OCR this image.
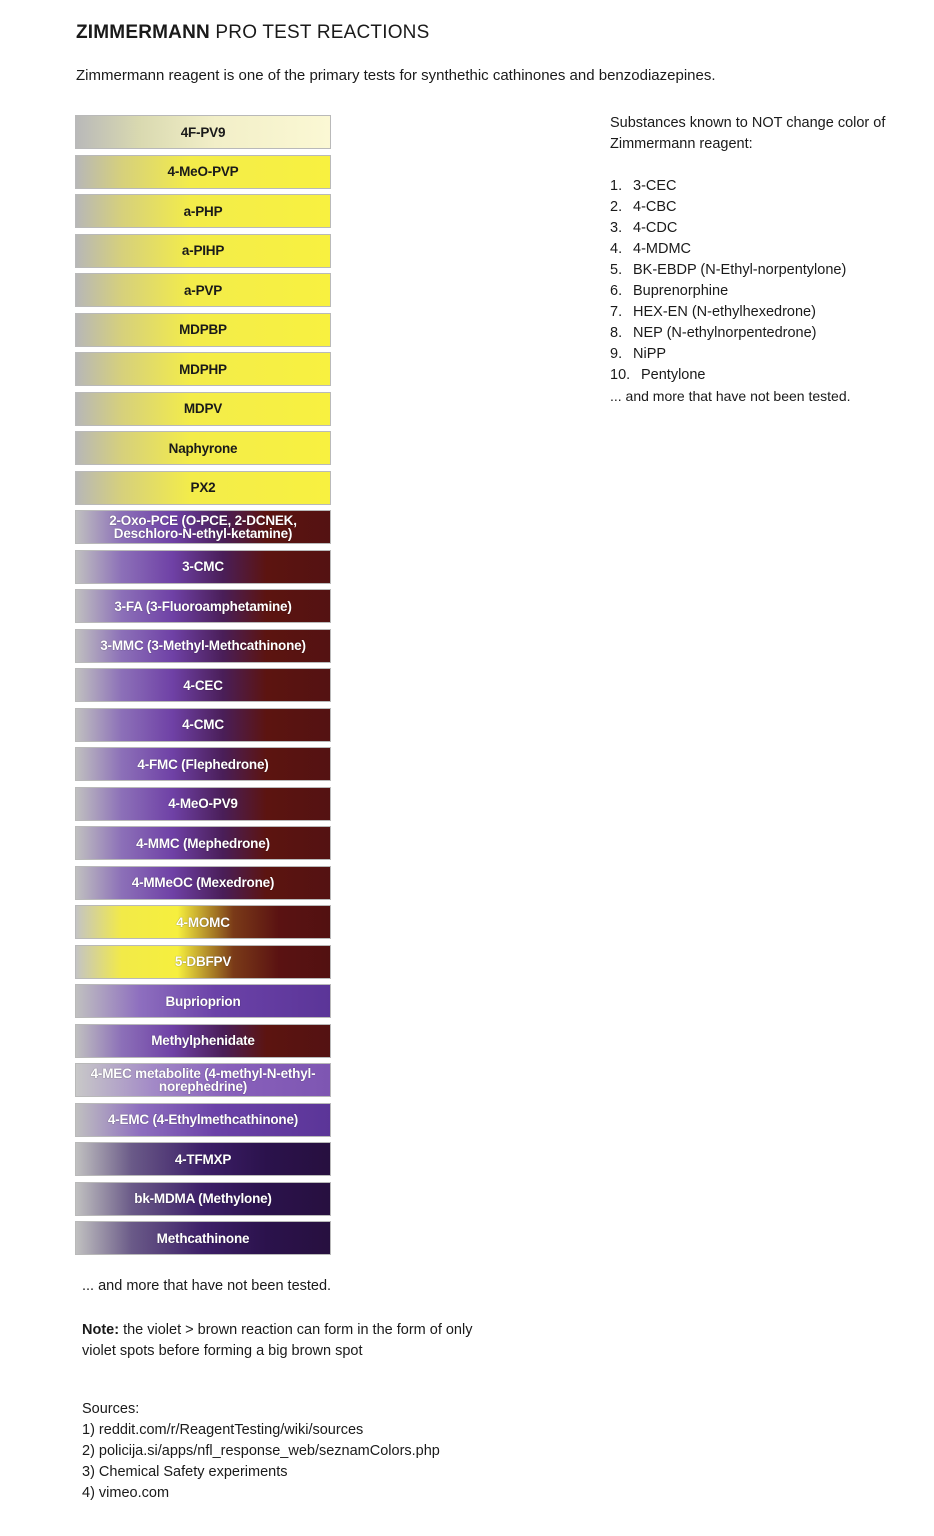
ZIMMERMANN PRO TEST REACTIONS
Zimmermann reagent is one of the primary tests for synthethic cathinones and benzodiazepines.
4F-PV9
4-MeO-PVP
a-PHP
a-PIHP
a-PVP
MDPBP
MDPHP
MDPV
Naphyrone
PX2
2-Oxo-PCE (O-PCE, 2-DCNEK, Deschloro-N-ethyl-ketamine)
3-CMC
3-FA (3-Fluoroamphetamine)
3-MMC (3-Methyl-Methcathinone)
4-CEC
4-CMC
4-FMC (Flephedrone)
4-MeO-PV9
4-MMC (Mephedrone)
4-MMeOC (Mexedrone)
4-MOMC
5-DBFPV
Buprioprion
Methylphenidate
4-MEC metabolite (4-methyl-N-ethyl-norephedrine)
4-EMC (4-Ethylmethcathinone)
4-TFMXP
bk-MDMA (Methylone)
Methcathinone
Substances known to NOT change color of Zimmermann reagent:
1. 3-CEC
2. 4-CBC
3. 4-CDC
4. 4-MDMC
5. BK-EBDP (N-Ethyl-norpentylone)
6. Buprenorphine
7. HEX-EN (N-ethylhexedrone)
8. NEP (N-ethylnorpentedrone)
9. NiPP
10. Pentylone
... and more that have not been tested.
... and more that have not been tested.
Note: the violet > brown reaction can form in the form of only violet spots before forming a big brown spot
Sources:
1) reddit.com/r/ReagentTesting/wiki/sources
2) policija.si/apps/nfl_response_web/seznamColors.php
3) Chemical Safety experiments
4) vimeo.com
